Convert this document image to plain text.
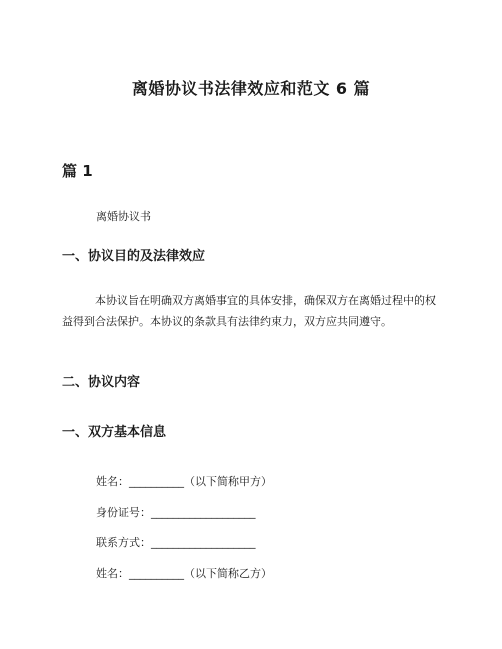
离婚协议书法律效应和范文 6 篇
篇 1
离婚协议书
一、协议目的及法律效应
本协议旨在明确双方离婚事宜的具体安排，确保双方在离婚过程中的权益得到合法保护。本协议的条款具有法律约束力，双方应共同遵守。
二、协议内容
一、双方基本信息
姓名：__________（以下简称甲方）
身份证号：___________________
联系方式：___________________
姓名：__________（以下简称乙方）
